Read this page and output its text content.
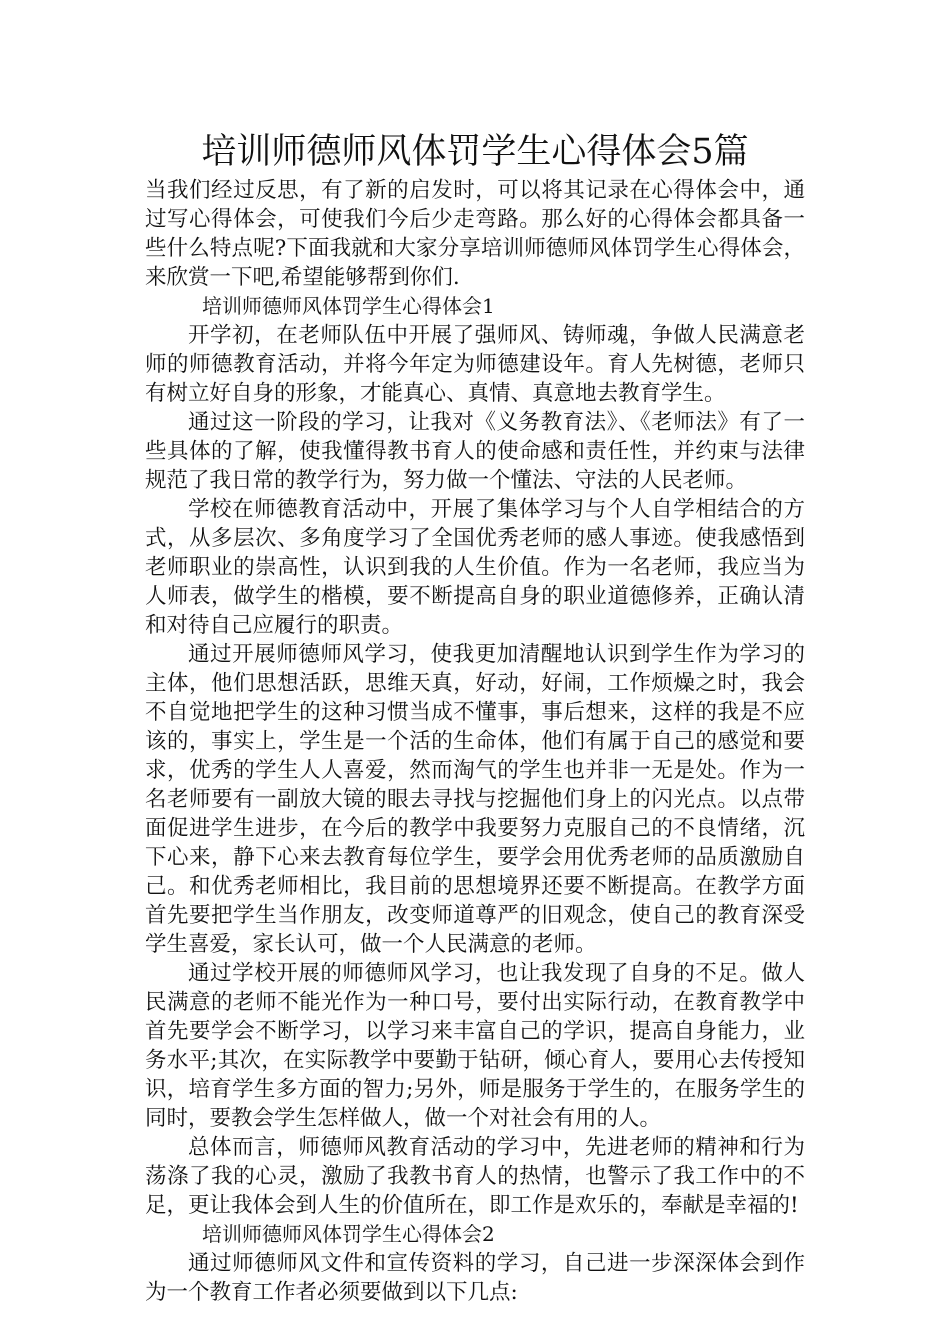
培训师德师风体罚学生心得体会5篇

当我们经过反思，有了新的启发时，可以将其记录在心得体会中，通过写心得体会，可使我们今后少走弯路。那么好的心得体会都具备一些什么特点呢?下面我就和大家分享培训师德师风体罚学生心得体会，来欣赏一下吧,希望能够帮到你们.

培训师德师风体罚学生心得体会1

开学初，在老师队伍中开展了强师风、铸师魂，争做人民满意老师的师德教育活动，并将今年定为师德建设年。育人先树德，老师只有树立好自身的形象，才能真心、真情、真意地去教育学生。

通过这一阶段的学习，让我对《义务教育法》、《老师法》有了一些具体的了解，使我懂得教书育人的使命感和责任性，并约束与法律规范了我日常的教学行为，努力做一个懂法、守法的人民老师。

学校在师德教育活动中，开展了集体学习与个人自学相结合的方式，从多层次、多角度学习了全国优秀老师的感人事迹。使我感悟到老师职业的崇高性，认识到我的人生价值。作为一名老师，我应当为人师表，做学生的楷模，要不断提高自身的职业道德修养，正确认清和对待自己应履行的职责。

通过开展师德师风学习，使我更加清醒地认识到学生作为学习的主体，他们思想活跃，思维天真，好动，好闹，工作烦燥之时，我会不自觉地把学生的这种习惯当成不懂事，事后想来，这样的我是不应该的，事实上，学生是一个活的生命体，他们有属于自己的感觉和要求，优秀的学生人人喜爱，然而淘气的学生也并非一无是处。作为一名老师要有一副放大镜的眼去寻找与挖掘他们身上的闪光点。以点带面促进学生进步，在今后的教学中我要努力克服自己的不良情绪，沉下心来，静下心来去教育每位学生，要学会用优秀老师的品质激励自己。和优秀老师相比，我目前的思想境界还要不断提高。在教学方面首先要把学生当作朋友，改变师道尊严的旧观念，使自己的教育深受学生喜爱，家长认可，做一个人民满意的老师。

通过学校开展的师德师风学习，也让我发现了自身的不足。做人民满意的老师不能光作为一种口号，要付出实际行动，在教育教学中首先要学会不断学习，以学习来丰富自己的学识，提高自身能力，业务水平;其次，在实际教学中要勤于钻研，倾心育人，要用心去传授知识，培育学生多方面的智力;另外，师是服务于学生的，在服务学生的同时，要教会学生怎样做人，做一个对社会有用的人。

总体而言，师德师风教育活动的学习中，先进老师的精神和行为荡涤了我的心灵，激励了我教书育人的热情，也警示了我工作中的不足，更让我体会到人生的价值所在，即工作是欢乐的，奉献是幸福的!

培训师德师风体罚学生心得体会2

通过师德师风文件和宣传资料的学习，自己进一步深深体会到作为一个教育工作者必须要做到以下几点:
